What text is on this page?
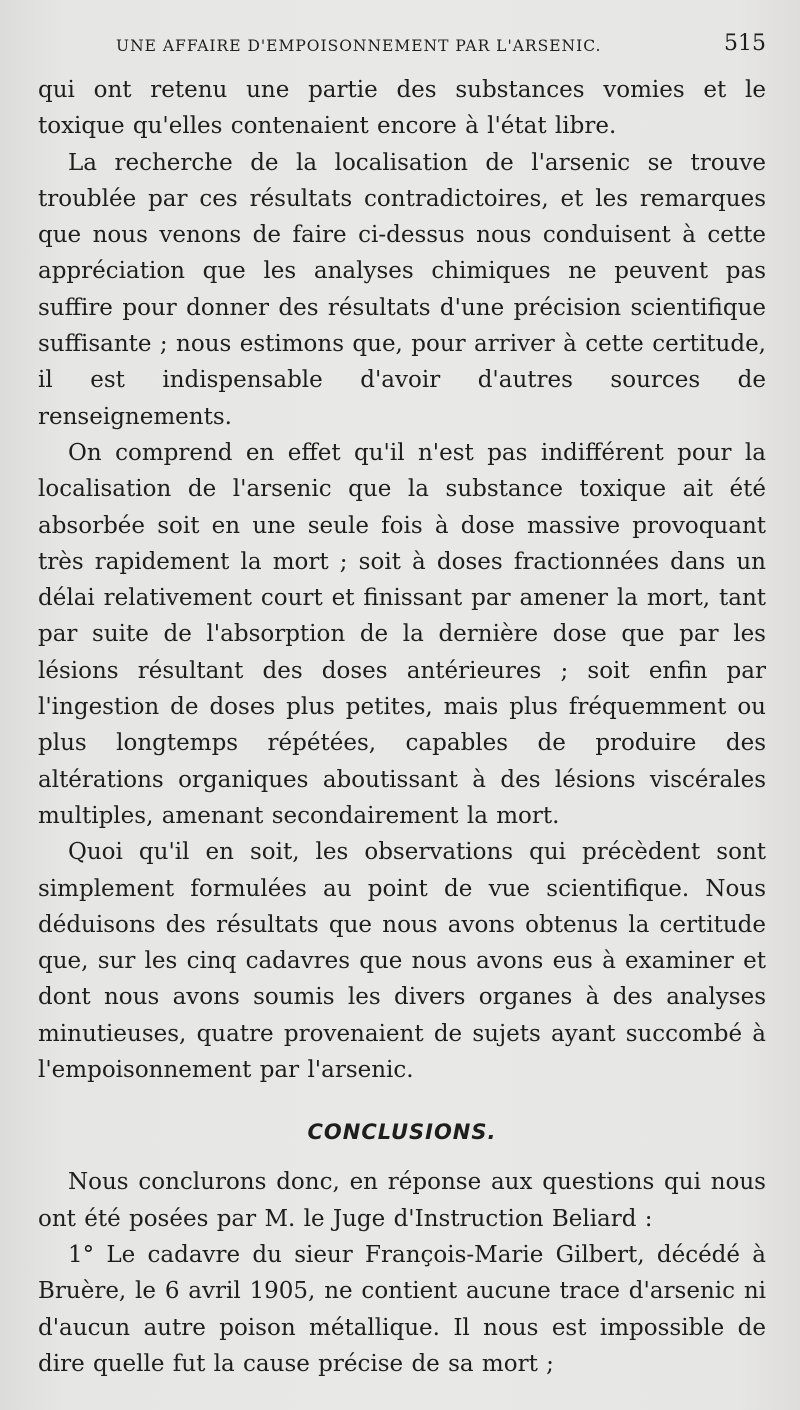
UNE AFFAIRE D'EMPOISONNEMENT PAR L'ARSENIC.	515

qui ont retenu une partie des substances vomies et le toxique qu'elles contenaient encore à l'état libre.

La recherche de la localisation de l'arsenic se trouve troublée par ces résultats contradictoires, et les remarques que nous venons de faire ci-dessus nous conduisent à cette appréciation que les analyses chimiques ne peuvent pas suffire pour donner des résultats d'une précision scientifique suffisante ; nous estimons que, pour arriver à cette certitude, il est indispensable d'avoir d'autres sources de renseignements.

On comprend en effet qu'il n'est pas indifférent pour la localisation de l'arsenic que la substance toxique ait été absorbée soit en une seule fois à dose massive provoquant très rapidement la mort ; soit à doses fractionnées dans un délai relativement court et finissant par amener la mort, tant par suite de l'absorption de la dernière dose que par les lésions résultant des doses antérieures ; soit enfin par l'ingestion de doses plus petites, mais plus fréquemment ou plus longtemps répétées, capables de produire des altérations organiques aboutissant à des lésions viscérales multiples, amenant secondairement la mort.

Quoi qu'il en soit, les observations qui précèdent sont simplement formulées au point de vue scientifique. Nous déduisons des résultats que nous avons obtenus la certitude que, sur les cinq cadavres que nous avons eus à examiner et dont nous avons soumis les divers organes à des analyses minutieuses, quatre provenaient de sujets ayant succombé à l'empoisonnement par l'arsenic.

CONCLUSIONS.

Nous conclurons donc, en réponse aux questions qui nous ont été posées par M. le Juge d'Instruction Beliard :

1° Le cadavre du sieur François-Marie Gilbert, décédé à Bruère, le 6 avril 1905, ne contient aucune trace d'arsenic ni d'aucun autre poison métallique. Il nous est impossible de dire quelle fut la cause précise de sa mort ;
